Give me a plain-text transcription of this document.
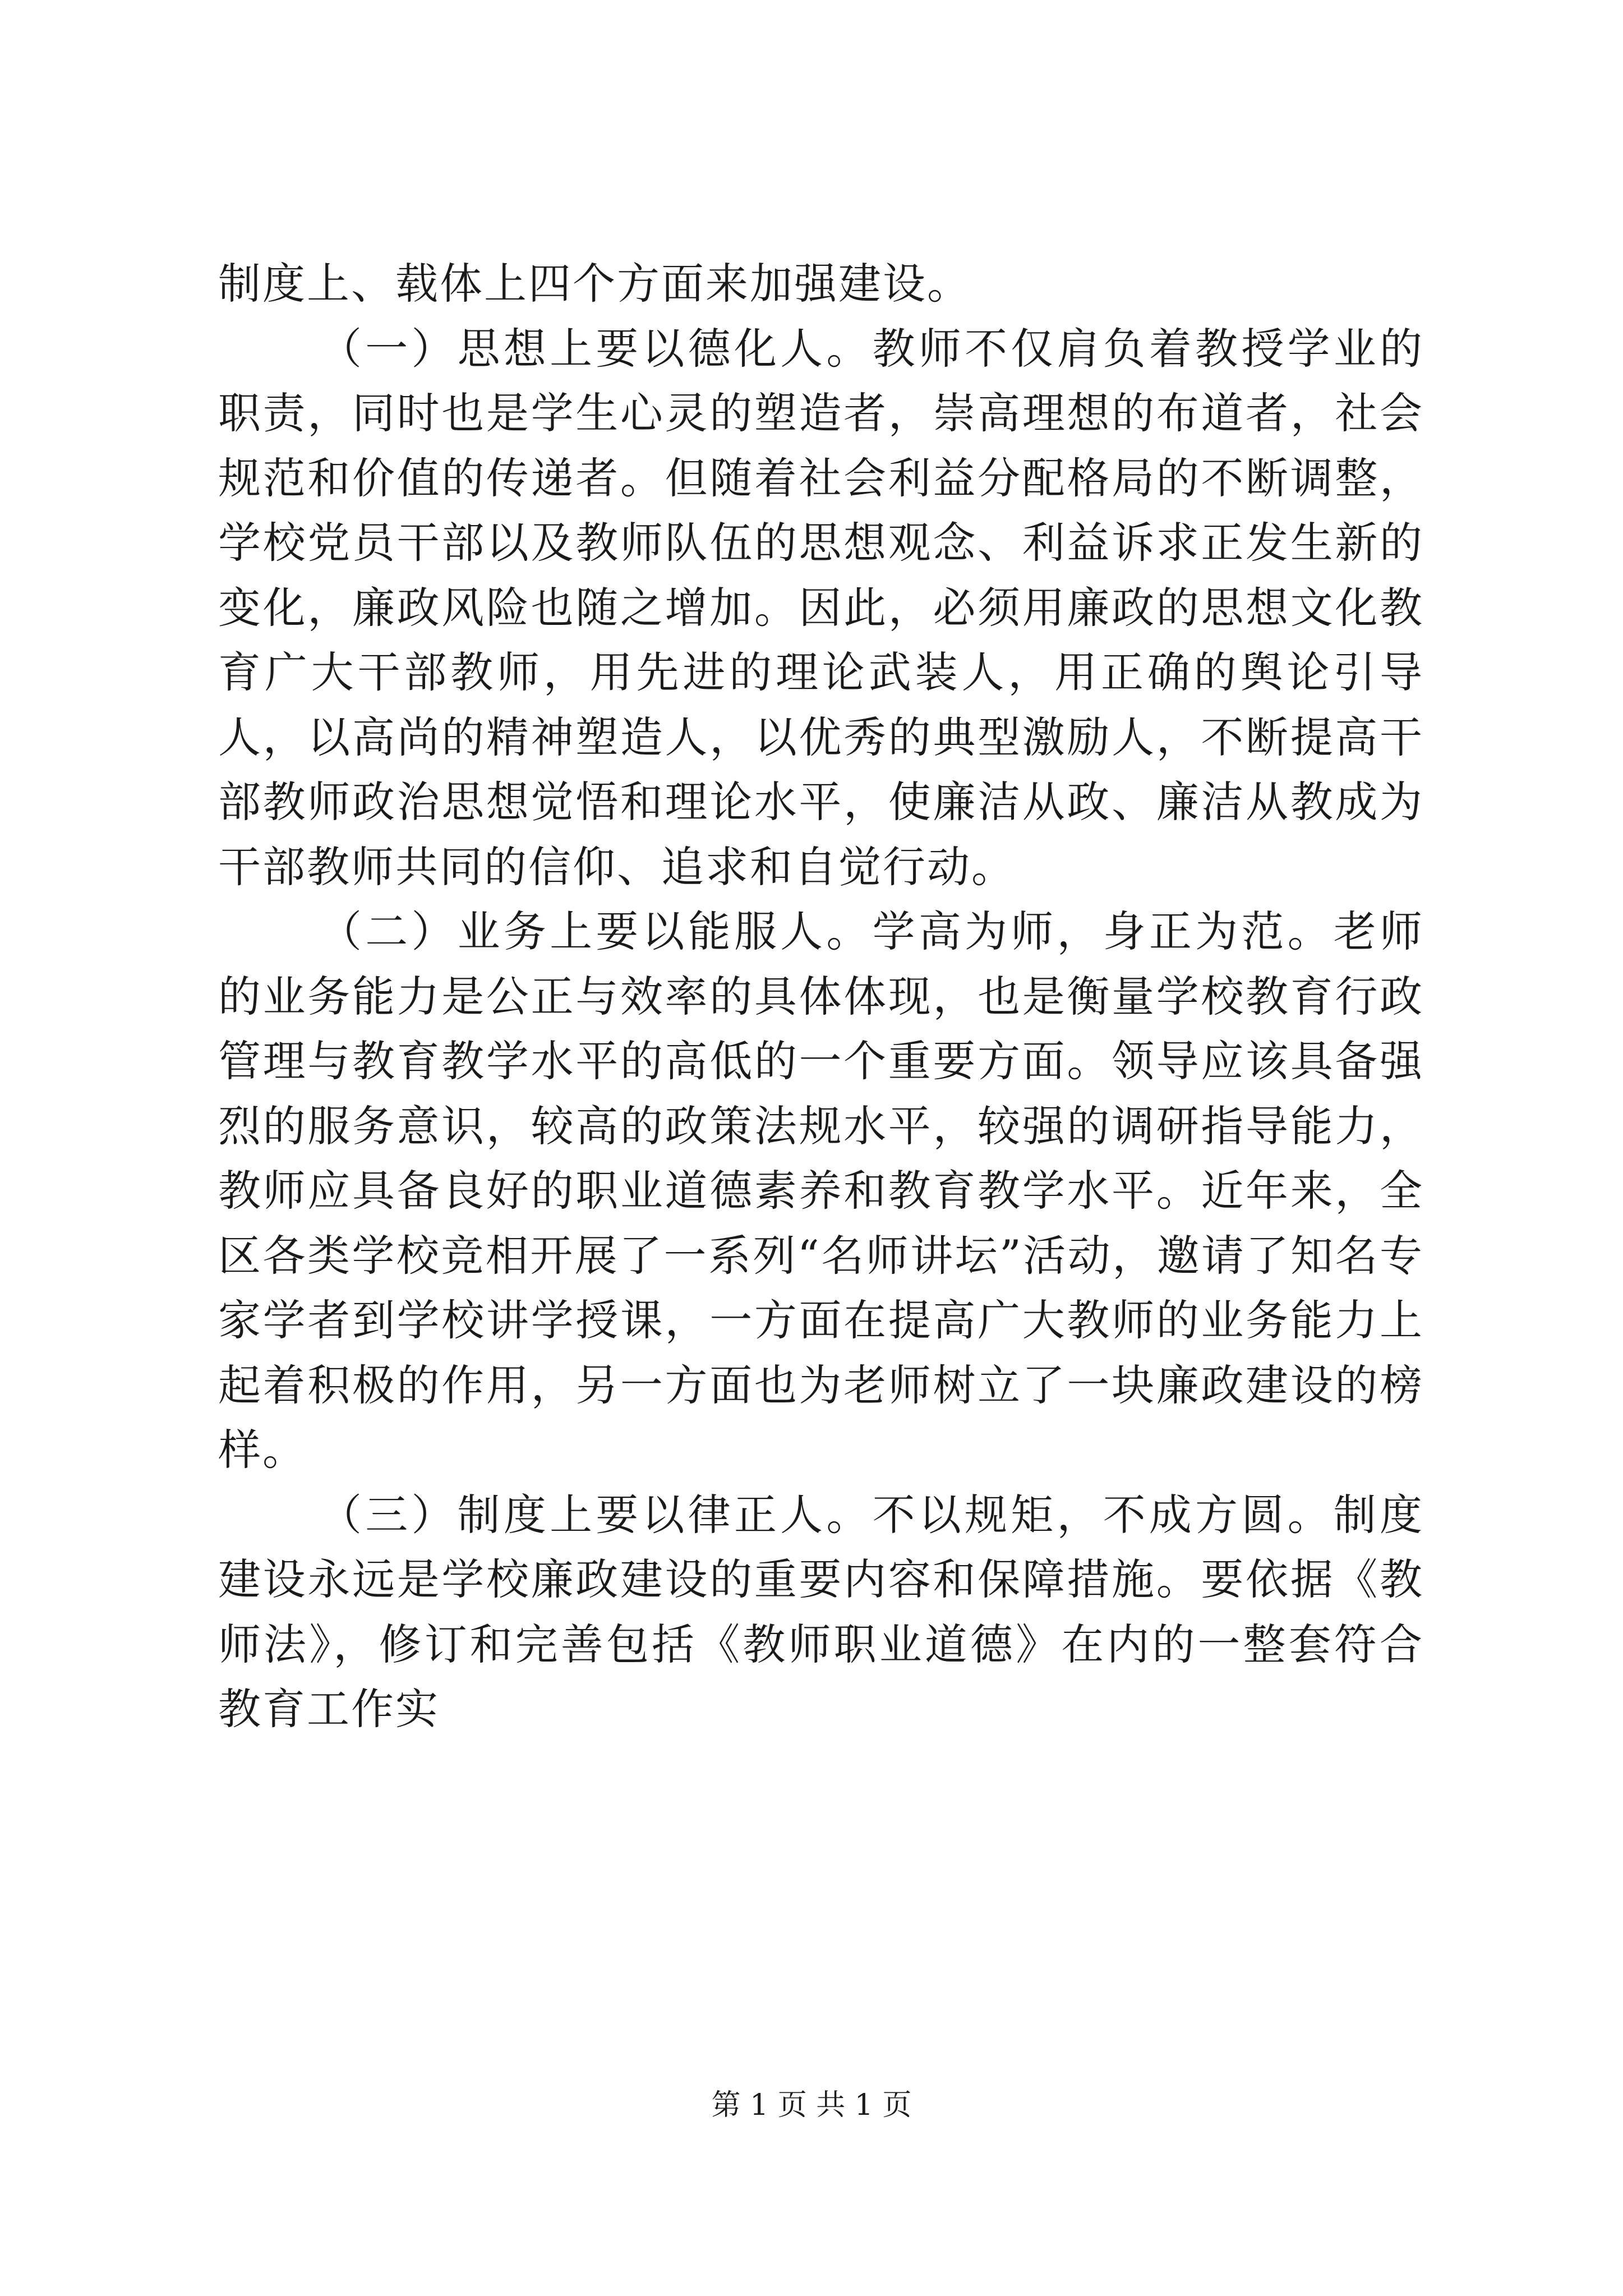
制度上、载体上四个方面来加强建设。

（一）思想上要以德化人。教师不仅肩负着教授学业的职责，同时也是学生心灵的塑造者，崇高理想的布道者，社会规范和价值的传递者。但随着社会利益分配格局的不断调整，学校党员干部以及教师队伍的思想观念、利益诉求正发生新的变化，廉政风险也随之增加。因此，必须用廉政的思想文化教育广大干部教师，用先进的理论武装人，用正确的舆论引导人，以高尚的精神塑造人，以优秀的典型激励人，不断提高干部教师政治思想觉悟和理论水平，使廉洁从政、廉洁从教成为干部教师共同的信仰、追求和自觉行动。

（二）业务上要以能服人。学高为师，身正为范。老师的业务能力是公正与效率的具体体现，也是衡量学校教育行政管理与教育教学水平的高低的一个重要方面。领导应该具备强烈的服务意识，较高的政策法规水平，较强的调研指导能力，教师应具备良好的职业道德素养和教育教学水平。近年来，全区各类学校竞相开展了一系列“名师讲坛”活动，邀请了知名专家学者到学校讲学授课，一方面在提高广大教师的业务能力上起着积极的作用，另一方面也为老师树立了一块廉政建设的榜样。

（三）制度上要以律正人。不以规矩，不成方圆。制度建设永远是学校廉政建设的重要内容和保障措施。要依据《教师法》，修订和完善包括《教师职业道德》在内的一整套符合教育工作实

第 1 页 共 1 页
